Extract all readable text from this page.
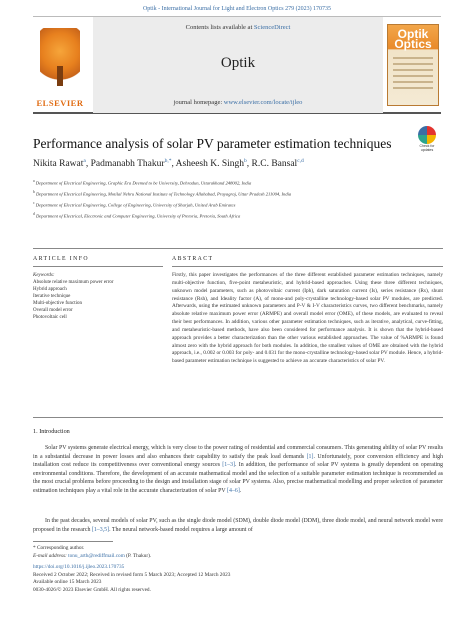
Optik - International Journal for Light and Electron Optics 279 (2023) 170735
ELSEVIER
Contents lists available at ScienceDirect
Optik
journal homepage: www.elsevier.com/locate/ijleo
Optik Optics
Performance analysis of solar PV parameter estimation techniques	Check for updates
Nikita Rawat$^a$, Padmanabh Thakur$^{b,*}$, Asheesh K. Singh$^b$, R.C. Bansal$^{c,d}$
$^a$ Department of Electrical Engineering, Graphic Era Deemed to be University, Dehradun, Uttarakhand 248002, India
$^b$ Department of Electrical Engineering, Motilal Nehru National Institute of Technology Allahabad, Prayagraj, Uttar Pradesh 211004, India
$^c$ Department of Electrical Engineering, College of Engineering, University of Sharjah, United Arab Emirates
$^d$ Department of Electrical, Electronic and Computer Engineering, University of Pretoria, Pretoria, South Africa
ARTICLE INFO	ABSTRACT
Keywords:
Absolute relative maximum power error
Hybrid approach
Iterative technique
Multi-objective function
Overall model error
Photovoltaic cell
Firstly, this paper investigates the performances of the three different established parameter estimation techniques, namely multi-objective function, five-point metaheuristic, and hybrid-based approaches. Using these three different techniques, unknown model parameters, such as photovoltaic current (Iph), dark saturation current (Is), series resistance (Rs), shunt resistance (Rsh), and Ideality factor (A), of mono-and poly-crystalline technology-based solar PV modules, are predicted. Afterwards, using the estimated unknown parameters and P-V & I-V characteristics curves, two different benchmarks, namely absolute relative maximum power error (ARMPE) and overall model error (OME), of these models, are evaluated to reveal their best performances. In addition, various other parameter estimation techniques, such as iterative, analytical, curve-fitting, and metaheuristic-based methods, have also been considered for performance analysis. It is shown that the hybrid-based approach provides a better characterization than the other various established approaches. The value of %ARMPE is found almost zero with the hybrid approach for both modules. In addition, the smallest values of OME are obtained with the hybrid approach, i.e., 0.002 or 0.003 for poly- and 0.031 for the mono-crystalline technology-based solar PV module. Hence, a hybrid-based parameter estimation technique is suggested to achieve an accurate characteristics of solar PV.
1. Introduction
Solar PV systems generate electrical energy, which is very close to the power rating of residential and commercial consumers. This generating ability of solar PV results in a substantial decrease in power losses and also enhances their capability to satisfy the peak load demands [1]. Unfortunately, poor conversion efficiency and high installation cost reduce its competitiveness over conventional energy sources [1–3]. In addition, the performance of solar PV systems is greatly dependent on operating environmental conditions. Therefore, the development of an accurate mathematical model and the selection of a suitable parameter estimation technique is recommended as the most crucial problems before proceeding to the design and installation stage of solar PV systems. Also, precise mathematical modelling and proper selection of parameter estimation techniques play a vital role in the accurate characterization of solar PV [4–6].
In the past decades, several models of solar PV, such as the single diode model (SDM), double diode model (DDM), three diode model, and neural network model were proposed in the research [1–3,5]. The neural network-based model requires a large amount of
* Corresponding author.
E-mail address: tonu_arth@rediffmail.com (P. Thakur).
https://doi.org/10.1016/j.ijleo.2023.170735
Received 2 October 2022; Received in revised form 5 March 2023; Accepted 12 March 2023
Available online 15 March 2023
0030-4026/© 2023 Elsevier GmbH. All rights reserved.
